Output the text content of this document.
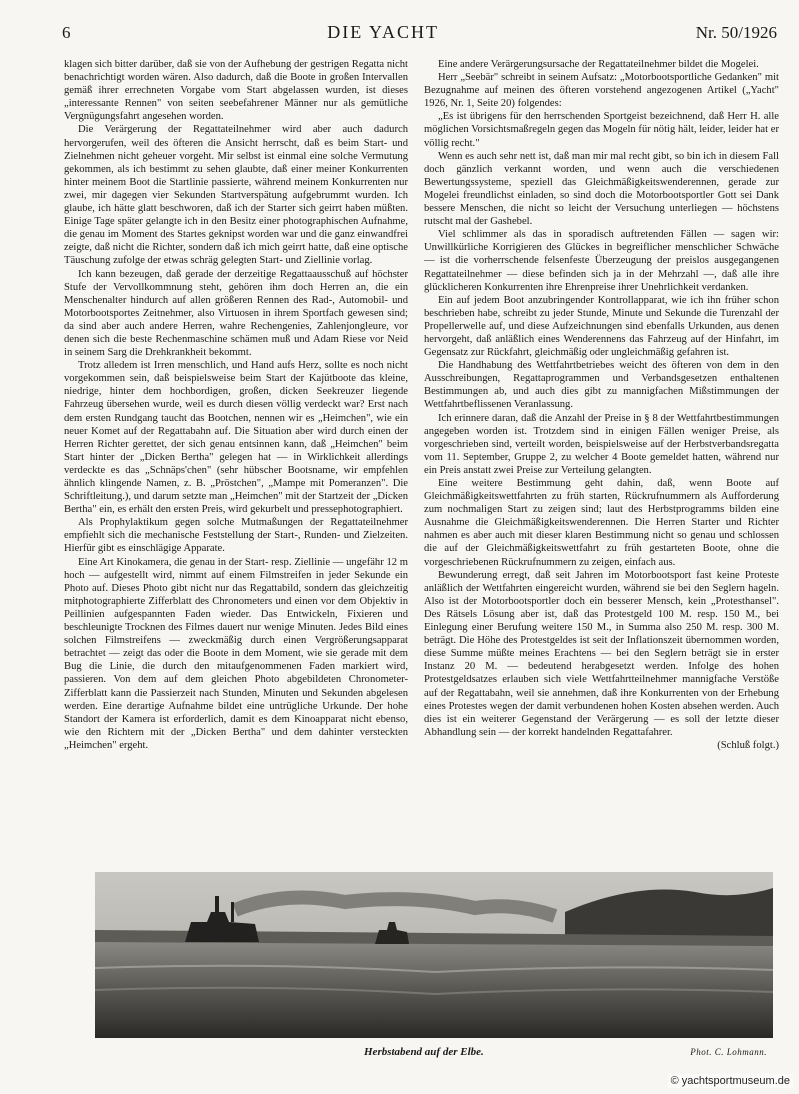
6	DIE YACHT	Nr. 50/1926

klagen sich bitter darüber, daß sie von der Aufhebung der gestrigen Regatta nicht benachrichtigt worden wären. Also dadurch, daß die Boote in großen Intervallen gemäß ihrer errechneten Vorgabe vom Start abgelassen wurden, ist dieses „interessante Rennen" von seiten seebefahrener Männer nur als gemütliche Vergnügungsfahrt angesehen worden.

Die Verärgerung der Regattateilnehmer wird aber auch dadurch hervorgerufen, weil des öfteren die Ansicht herrscht, daß es beim Start- und Zielnehmen nicht geheuer vorgeht. Mir selbst ist einmal eine solche Vermutung gekommen, als ich bestimmt zu sehen glaubte, daß einer meiner Konkurrenten hinter meinem Boot die Startlinie passierte, während meinem Konkurrenten nur zwei, mir dagegen vier Sekunden Startverspätung aufgebrummt wurden. Ich glaube, ich hätte glatt beschworen, daß ich der Starter sich geirrt haben müßten. Einige Tage später gelangte ich in den Besitz einer photographischen Aufnahme, die genau im Moment des Startes geknipst worden war und die ganz einwandfrei zeigte, daß nicht die Richter, sondern daß ich mich geirrt hatte, daß eine optische Täuschung zufolge der etwas schräg gelegten Start- und Ziellinie vorlag.

Ich kann bezeugen, daß gerade der derzeitige Regattaausschuß auf höchster Stufe der Vervollkommnung steht, gehören ihm doch Herren an, die ein Menschenalter hindurch auf allen größeren Rennen des Rad-, Automobil- und Motorbootsportes Zeitnehmer, also Virtuosen in ihrem Sportfach gewesen sind; da sind aber auch andere Herren, wahre Rechengenies, Zahlenjongleure, vor denen sich die beste Rechenmaschine schämen muß und Adam Riese vor Neid in seinem Sarg die Drehkrankheit bekommt.

Trotz alledem ist Irren menschlich, und Hand aufs Herz, sollte es noch nicht vorgekommen sein, daß beispielsweise beim Start der Kajütboote das kleine, niedrige, hinter dem hochbordigen, großen, dicken Seekreuzer liegende Fahrzeug übersehen wurde, weil es durch diesen völlig verdeckt war? Erst nach dem ersten Rundgang taucht das Bootchen, nennen wir es „Heimchen", wie ein neuer Komet auf der Regattabahn auf. Die Situation aber wird durch einen der Herren Richter gerettet, der sich genau entsinnen kann, daß „Heimchen" beim Start hinter der „Dicken Bertha" gelegen hat — in Wirklichkeit allerdings verdeckte es das „Schnäps'chen" (sehr hübscher Bootsname, wir empfehlen ähnlich klingende Namen, z. B. „Pröstchen", „Mampe mit Pomeranzen". Die Schriftleitung.), und darum setzte man „Heimchen" mit der Startzeit der „Dicken Bertha" ein, es erhält den ersten Preis, wird gekurbelt und pressephotographiert.

Als Prophylaktikum gegen solche Mutmaßungen der Regattateilnehmer empfiehlt sich die mechanische Feststellung der Start-, Runden- und Zielzeiten. Hierfür gibt es einschlägige Apparate.

Eine Art Kinokamera, die genau in der Start- resp. Ziellinie — ungefähr 12 m hoch — aufgestellt wird, nimmt auf einem Filmstreifen in jeder Sekunde ein Photo auf. Dieses Photo gibt nicht nur das Regattabild, sondern das gleichzeitig mitphotographierte Zifferblatt des Chronometers und einen vor dem Objektiv in Peillinien aufgespannten Faden wieder. Das Entwickeln, Fixieren und beschleunigte Trocknen des Filmes dauert nur wenige Minuten. Jedes Bild eines solchen Filmstreifens — zweckmäßig durch einen Vergrößerungsapparat betrachtet — zeigt das oder die Boote in dem Moment, wie sie gerade mit dem Bug die Linie, die durch den mitaufgenommenen Faden markiert wird, passieren. Von dem auf dem gleichen Photo abgebildeten Chronometer-Zifferblatt kann die Passierzeit nach Stunden, Minuten und Sekunden abgelesen werden. Eine derartige Aufnahme bildet eine untrügliche Urkunde. Der hohe Standort der Kamera ist erforderlich, damit es dem Kinoapparat nicht ebenso, wie den Richtern mit der „Dicken Bertha" und dem dahinter versteckten „Heimchen" ergeht.

Eine andere Verärgerungsursache der Regattateilnehmer bildet die Mogelei.

Herr „Seebär" schreibt in seinem Aufsatz: „Motorbootsportliche Gedanken" mit Bezugnahme auf meinen des öfteren vorstehend angezogenen Artikel („Yacht" 1926, Nr. 1, Seite 20) folgendes:

„Es ist übrigens für den herrschenden Sportgeist bezeichnend, daß Herr H. alle möglichen Vorsichtsmaßregeln gegen das Mogeln für nötig hält, leider, leider hat er völlig recht."

Wenn es auch sehr nett ist, daß man mir mal recht gibt, so bin ich in diesem Fall doch gänzlich verkannt worden, und wenn auch die verschiedenen Bewertungssysteme, speziell das Gleichmäßigkeitswenderennen, gerade zur Mogelei freundlichst einladen, so sind doch die Motorbootsportler Gott sei Dank bessere Menschen, die nicht so leicht der Versuchung unterliegen — höchstens rutscht mal der Gashebel.

Viel schlimmer als das in sporadisch auftretenden Fällen — sagen wir: Unwillkürliche Korrigieren des Glückes in begreiflicher menschlicher Schwäche — ist die vorherrschende felsenfeste Überzeugung der preislos ausgegangenen Regattateilnehmer — diese befinden sich ja in der Mehrzahl —, daß alle ihre glücklicheren Konkurrenten ihre Ehrenpreise ihrer Unehrlichkeit verdanken.

Ein auf jedem Boot anzubringender Kontrollapparat, wie ich ihn früher schon beschrieben habe, schreibt zu jeder Stunde, Minute und Sekunde die Turenzahl der Propellerwelle auf, und diese Aufzeichnungen sind ebenfalls Urkunden, aus denen hervorgeht, daß anläßlich eines Wenderennens das Fahrzeug auf der Hinfahrt, im Gegensatz zur Rückfahrt, gleichmäßig oder ungleichmäßig gefahren ist.

Die Handhabung des Wettfahrtbetriebes weicht des öfteren von dem in den Ausschreibungen, Regattaprogrammen und Verbandsgesetzen enthaltenen Bestimmungen ab, und auch dies gibt zu mannigfachen Mißstimmungen der Wettfahrtbeflissenen Veranlassung.

Ich erinnere daran, daß die Anzahl der Preise in § 8 der Wettfahrtbestimmungen angegeben worden ist. Trotzdem sind in einigen Fällen weniger Preise, als vorgeschrieben sind, verteilt worden, beispielsweise auf der Herbstverbandsregatta vom 11. September, Gruppe 2, zu welcher 4 Boote gemeldet hatten, während nur ein Preis anstatt zwei Preise zur Verteilung gelangten.

Eine weitere Bestimmung geht dahin, daß, wenn Boote auf Gleichmäßigkeitswettfahrten zu früh starten, Rückrufnummern als Aufforderung zum nochmaligen Start zu zeigen sind; laut des Herbstprogramms bilden eine Ausnahme die Gleichmäßigkeitswenderennen. Die Herren Starter und Richter nahmen es aber auch mit dieser klaren Bestimmung nicht so genau und schlossen die auf der Gleichmäßigkeitswettfahrt zu früh gestarteten Boote, ohne die vorgeschriebenen Rückrufnummern zu zeigen, einfach aus.

Bewunderung erregt, daß seit Jahren im Motorbootsport fast keine Proteste anläßlich der Wettfahrten eingereicht wurden, während sie bei den Seglern hageln. Also ist der Motorbootsportler doch ein besserer Mensch, kein „Protesthansel". Des Rätsels Lösung aber ist, daß das Protestgeld 100 M. resp. 150 M., bei Einlegung einer Berufung weitere 150 M., in Summa also 250 M. resp. 300 M. beträgt. Die Höhe des Protestgeldes ist seit der Inflationszeit übernommen worden, diese Summe müßte meines Erachtens — bei den Seglern beträgt sie in erster Instanz 20 M. — bedeutend herabgesetzt werden. Infolge des hohen Protestgeldsatzes erlauben sich viele Wettfahrtteilnehmer mannigfache Verstöße auf der Regattabahn, weil sie annehmen, daß ihre Konkurrenten von der Erhebung eines Protestes wegen der damit verbundenen hohen Kosten absehen werden. Auch dies ist ein weiterer Gegenstand der Verärgerung — es soll der letzte dieser Abhandlung sein — der korrekt handelnden Regattafahrer.

(Schluß folgt.)

Herbstabend auf der Elbe.	Phot. C. Lohmann.
© yachtsportmuseum.de
